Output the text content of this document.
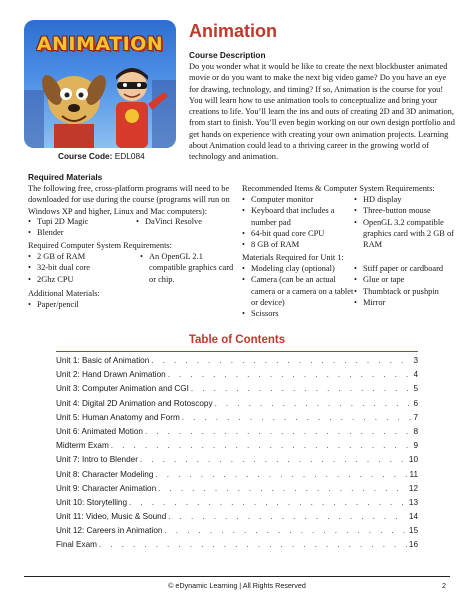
ANIMATION
Course Code: EDL084
Animation
Course Description
Do you wonder what it would be like to create the next blockbuster animated movie or do you want to make the next big video game? Do you have an eye for drawing, technology, and timing? If so, Animation is the course for you! You will learn how to use animation tools to conceptualize and bring your creations to life. You’ll learn the ins and outs of creating 2D and 3D animation, from start to finish. You’ll even begin working on our own design portfolio and get hands on experience with creating your own animation projects. Learning about Animation could lead to a thriving career in the growing world of technology and animation.
Required Materials
The following free, cross-platform programs will need to be downloaded for use during the course (programs will run on Windows XP and higher, Linux and Mac computers):
• Tupi 2D Magic	• DaVinci Resolve
• Blender
Required Computer System Requirements:
• 2 GB of RAM
• 32-bit dual core
• 2Ghz CPU
• An OpenGL 2.1 compatible graphics card or chip.
Additional Materials:
• Paper/pencil
Recommended Items & Computer System Requirements:
• Computer monitor
• Keyboard that includes a number pad
• 64-bit quad core CPU
• 8 GB of RAM
• HD display
• Three-button mouse
• OpenGL 3.2 compatible graphics card with 2 GB of RAM
Materials Required for Unit 1:
• Modeling clay (optional)
• Camera (can be an actual camera or a camera on a tablet or device)
• Scissors
• Stiff paper or cardboard
• Glue or tape
• Thumbtack or pushpin
• Mirror
Table of Contents
Unit 1: Basic of Animation . . .	3
Unit 2: Hand Drawn Animation . . .	4
Unit 3: Computer Animation and CGI . . .	5
Unit 4: Digital 2D Animation and Rotoscopy . . .	6
Unit 5: Human Anatomy and Form . . .	7
Unit 6: Animated Motion . . .	8
Midterm Exam . . .	9
Unit 7: Intro to Blender . . .	10
Unit 8: Character Modeling . . .	11
Unit 9: Character Animation . . .	12
Unit 10: Storytelling . . .	13
Unit 11: Video, Music & Sound . . .	14
Unit 12: Careers in Animation . . .	15
Final Exam . . .	16
© eDynamic Learning | All Rights Reserved	2
